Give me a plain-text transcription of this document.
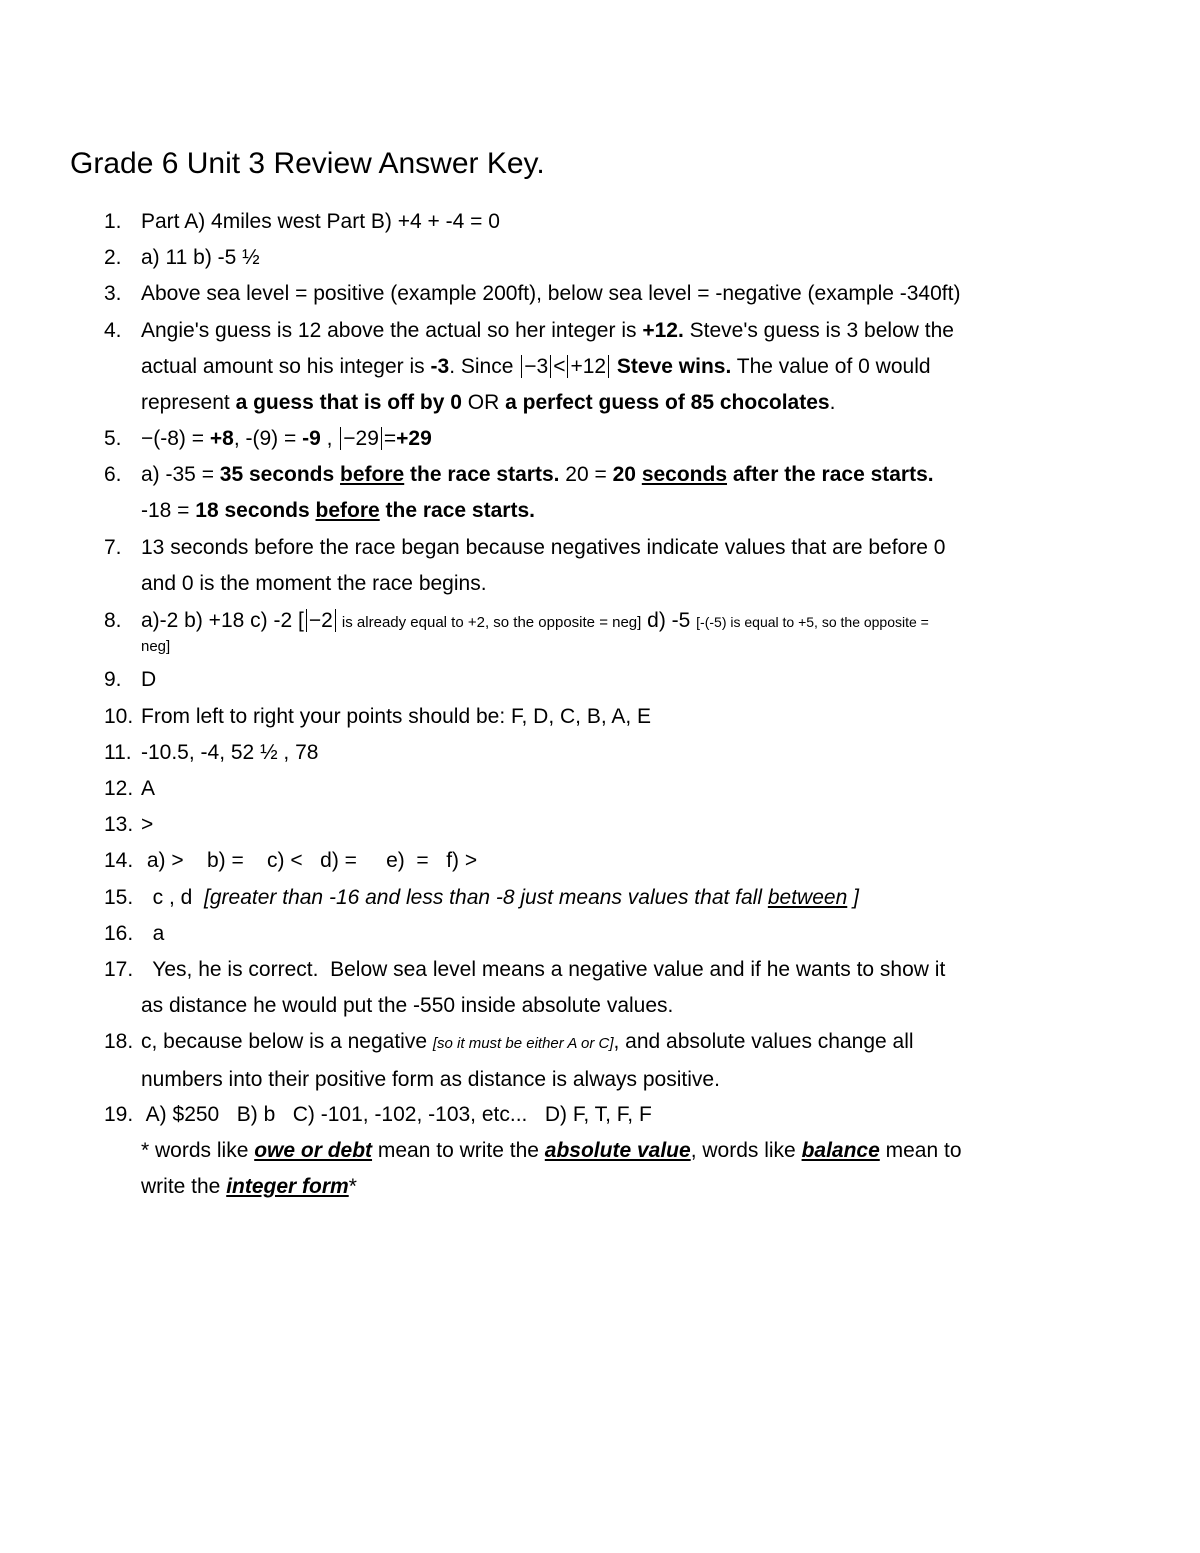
Grade 6 Unit 3 Review Answer Key.
1. Part A) 4miles west Part B) +4 + -4 = 0
2. a) 11 b) -5 ½
3. Above sea level = positive (example 200ft), below sea level = -negative (example -340ft)
4. Angie's guess is 12 above the actual so her integer is +12. Steve's guess is 3 below the
actual amount so his integer is -3. Since −3 < +12 Steve wins. The value of 0 would
represent a guess that is off by 0 OR a perfect guess of 85 chocolates.
5. −(-8) = +8, -(9) = -9 , −29 =+29
6. a) -35 = 35 seconds before the race starts. 20 = 20 seconds after the race starts.
-18 = 18 seconds before the race starts.
7. 13 seconds before the race began because negatives indicate values that are before 0
and 0 is the moment the race begins.
8. a)-2 b) +18 c) -2 [ −2 is already equal to +2, so the opposite = neg] d) -5 [-(-5) is equal to +5, so the opposite =
neg]
9. D
10. From left to right your points should be: F, D, C, B, A, E
11. -10.5, -4, 52 ½ , 78
12. A
13. >
14. a) >    b) =    c) <   d) =     e)  =   f) >
15. c , d  [greater than -16 and less than -8 just means values that fall between ]
16. a
17. Yes, he is correct.  Below sea level means a negative value and if he wants to show it
as distance he would put the -550 inside absolute values.
18. c, because below is a negative [so it must be either A or C], and absolute values change all
numbers into their positive form as distance is always positive.
19. A) $250   B) b   C) -101, -102, -103, etc...   D) F, T, F, F
* words like owe or debt mean to write the absolute value, words like balance mean to
write the integer form*
